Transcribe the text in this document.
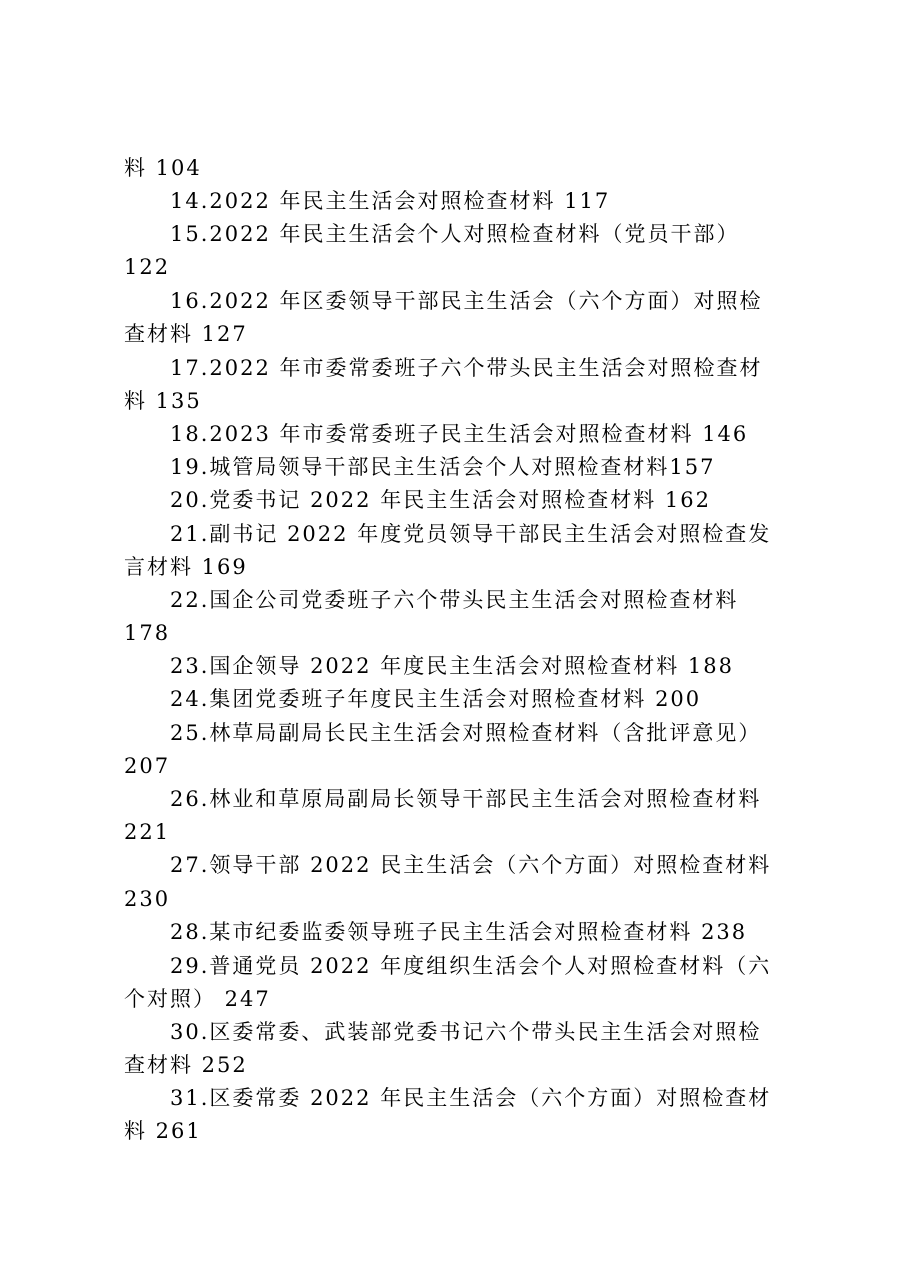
料 104
14.2022 年民主生活会对照检查材料 117
15.2022 年民主生活会个人对照检查材料（党员干部）
122
16.2022 年区委领导干部民主生活会（六个方面）对照检
查材料 127
17.2022 年市委常委班子六个带头民主生活会对照检查材
料 135
18.2023 年市委常委班子民主生活会对照检查材料 146
19.城管局领导干部民主生活会个人对照检查材料157
20.党委书记 2022 年民主生活会对照检查材料 162
21.副书记 2022 年度党员领导干部民主生活会对照检查发
言材料 169
22.国企公司党委班子六个带头民主生活会对照检查材料
178
23.国企领导 2022 年度民主生活会对照检查材料 188
24.集团党委班子年度民主生活会对照检查材料 200
25.林草局副局长民主生活会对照检查材料（含批评意见）
207
26.林业和草原局副局长领导干部民主生活会对照检查材料
221
27.领导干部 2022 民主生活会（六个方面）对照检查材料
230
28.某市纪委监委领导班子民主生活会对照检查材料 238
29.普通党员 2022 年度组织生活会个人对照检查材料（六
个对照） 247
30.区委常委、武装部党委书记六个带头民主生活会对照检
查材料 252
31.区委常委 2022 年民主生活会（六个方面）对照检查材
料 261
